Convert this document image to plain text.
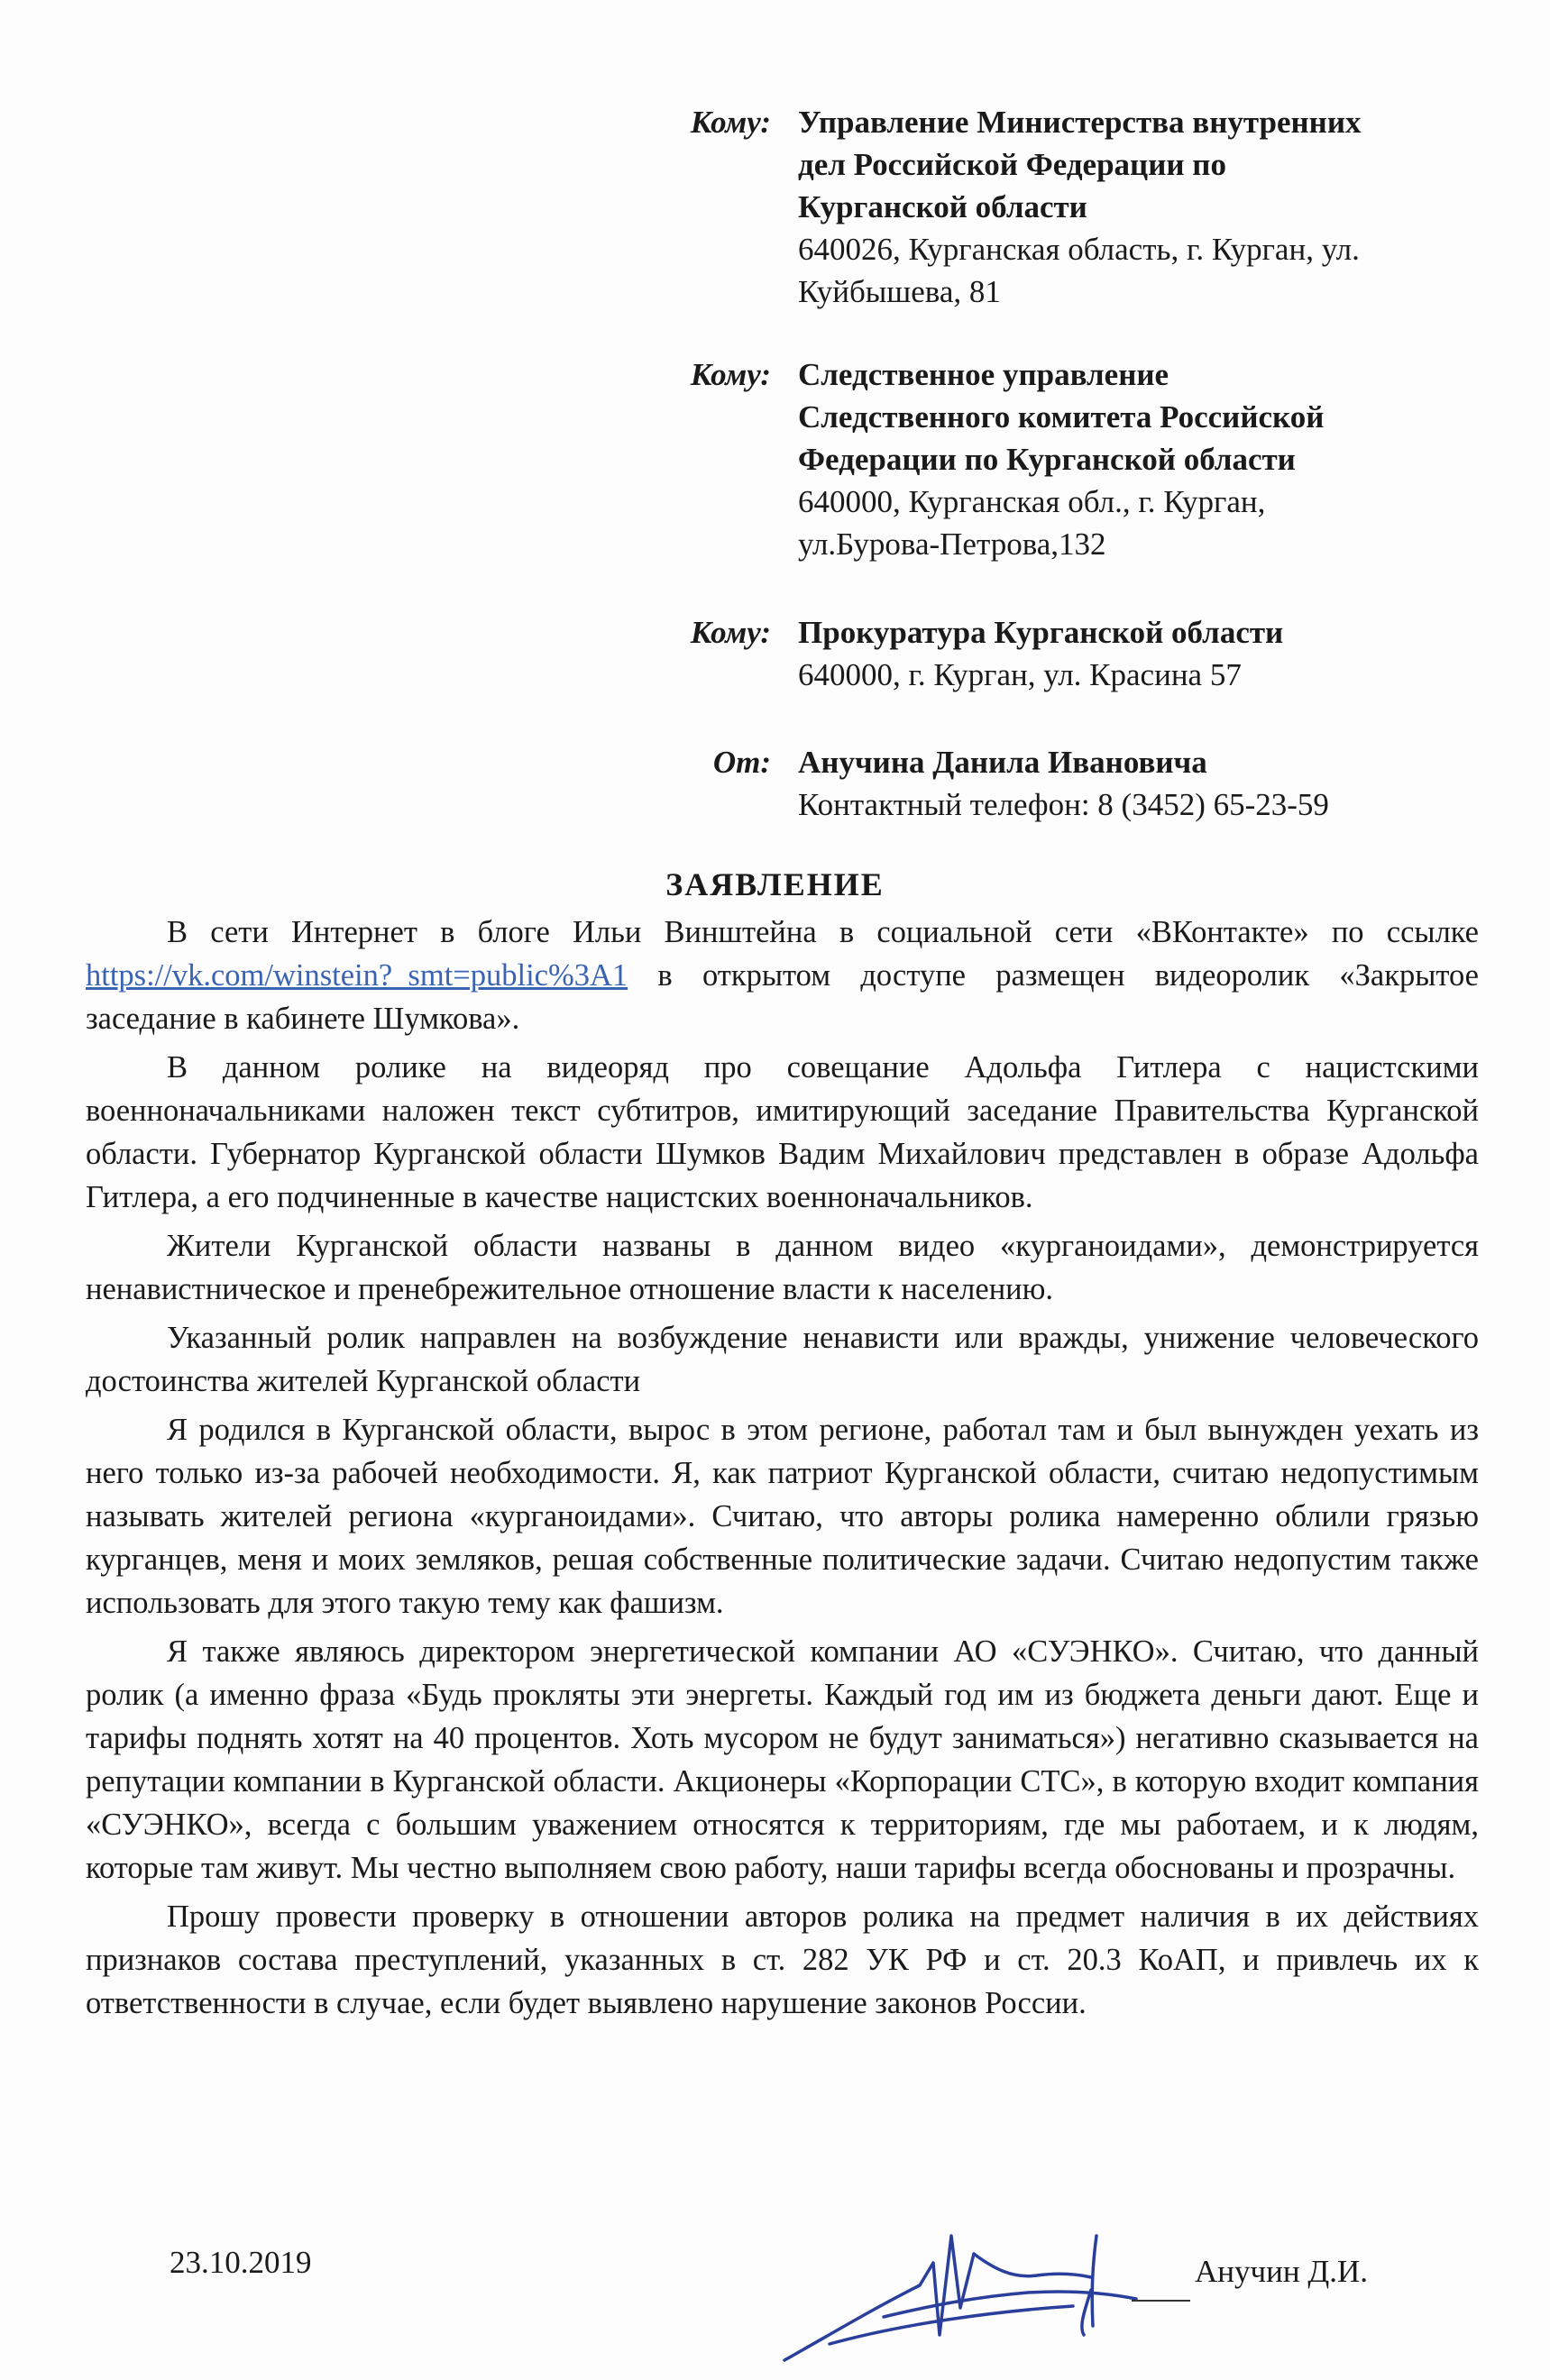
Кому: Управление Министерства внутренних
дел Российской Федерации по
Курганской области
640026, Курганская область, г. Курган, ул.
Куйбышева, 81
Кому: Следственное управление
Следственного комитета Российской
Федерации по Курганской области
640000, Курганская обл., г. Курган,
ул.Бурова-Петрова,132
Кому: Прокуратура Курганской области
640000, г. Курган, ул. Красина 57
От: Анучина Данила Ивановича
Контактный телефон: 8 (3452) 65-23-59
ЗАЯВЛЕНИЕ

В сети Интернет в блоге Ильи Винштейна в социальной сети «ВКонтакте» по ссылке https://vk.com/winstein?_smt=public%3A1 в открытом доступе размещен видеоролик «Закрытое заседание в кабинете Шумкова».

В данном ролике на видеоряд про совещание Адольфа Гитлера с нацистскими военноначальниками наложен текст субтитров, имитирующий заседание Правительства Курганской области. Губернатор Курганской области Шумков Вадим Михайлович представлен в образе Адольфа Гитлера, а его подчиненные в качестве нацистских военноначальников.

Жители Курганской области названы в данном видео «курганоидами», демонстрируется ненавистническое и пренебрежительное отношение власти к населению.

Указанный ролик направлен на возбуждение ненависти или вражды, унижение человеческого достоинства жителей Курганской области

Я родился в Курганской области, вырос в этом регионе, работал там и был вынужден уехать из него только из-за рабочей необходимости. Я, как патриот Курганской области, считаю недопустимым называть жителей региона «курганоидами». Считаю, что авторы ролика намеренно облили грязью курганцев, меня и моих земляков, решая собственные политические задачи. Считаю недопустим также использовать для этого такую тему как фашизм.

Я также являюсь директором энергетической компании АО «СУЭНКО». Считаю, что данный ролик (а именно фраза «Будь прокляты эти энергеты. Каждый год им из бюджета деньги дают. Еще и тарифы поднять хотят на 40 процентов. Хоть мусором не будут заниматься») негативно сказывается на репутации компании в Курганской области. Акционеры «Корпорации СТС», в которую входит компания «СУЭНКО», всегда с большим уважением относятся к территориям, где мы работаем, и к людям, которые там живут. Мы честно выполняем свою работу, наши тарифы всегда обоснованы и прозрачны.

Прошу провести проверку в отношении авторов ролика на предмет наличия в их действиях признаков состава преступлений, указанных в ст. 282 УК РФ и ст. 20.3 КоАП, и привлечь их к ответственности в случае, если будет выявлено нарушение законов России.

23.10.2019	Анучин Д.И.
